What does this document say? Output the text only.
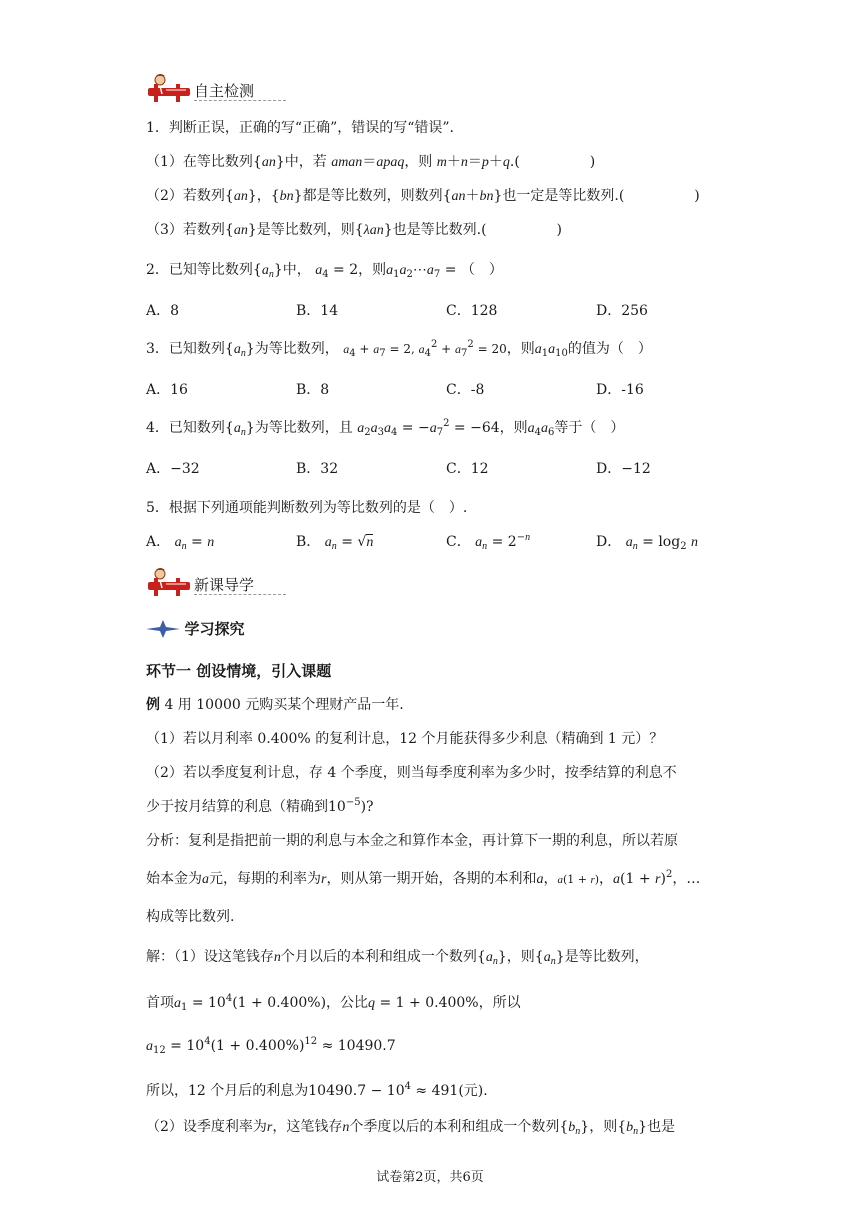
自主检测
1．判断正误，正确的写“正确”，错误的写“错误”.
（1）在等比数列{an}中，若 aman＝apaq，则 m＋n＝p＋q.(　　　　　)
（2）若数列{an}，{bn}都是等比数列，则数列{an＋bn}也一定是等比数列.(　　　　　)
（3）若数列{an}是等比数列，则{λan}也是等比数列.(　　　　　)
2．已知等比数列$\{a_n\}$中， $a_4 = 2$，则$a_1a_2\cdots a_7$ = （　）
A．8	B．14	C．128	D．256
3．已知数列$\{a_n\}$为等比数列， $a_4 + a_7 = 2$, $a_4^2 + a_7^2 = 20$，则$a_1a_{10}$的值为（　）
A．16	B．8	C．-8	D．-16
4．已知数列$\{a_n\}$为等比数列，且 $a_2a_3a_4 = -a_7^2 = -64$，则$a_4a_6$等于（　）
A．−32	B．32	C．12	D．−12
5．根据下列通项能判断数列为等比数列的是（　）.
A． $a_n = n$	B． $a_n = √n$	C． $a_n = 2^{-n}$	D． $a_n = \log_2 n$
新课导学
学习探究
环节一 创设情境，引入课题
例 4 用 10000 元购买某个理财产品一年.
（1）若以月利率 0.400% 的复利计息，12 个月能获得多少利息（精确到 1 元）？
（2）若以季度复利计息，存 4 个季度，则当每季度利率为多少时，按季结算的利息不
少于按月结算的利息（精确到$10^{-5}$)?
分析：复利是指把前一期的利息与本金之和算作本金，再计算下一期的利息，所以若原
始本金为a元，每期的利率为r，则从第一期开始，各期的本利和a，a(1 + r)，$a(1 + r)^2$，…
构成等比数列.
解：（1）设这笔钱存n个月以后的本利和组成一个数列$\{a_n\}$，则$\{a_n\}$是等比数列，
首项$a_1 = 10^4(1 + 0.400\%)$，公比q = 1 + 0.400%，所以
$a_{12} = 10^4(1 + 0.400\%)^{12} \approx 10490.7$
所以，12 个月后的利息为$10490.7 - 10^4 \approx 491$(元).
（2）设季度利率为r，这笔钱存n个季度以后的本利和组成一个数列$\{b_n\}$，则$\{b_n\}$也是
试卷第2页，共6页
